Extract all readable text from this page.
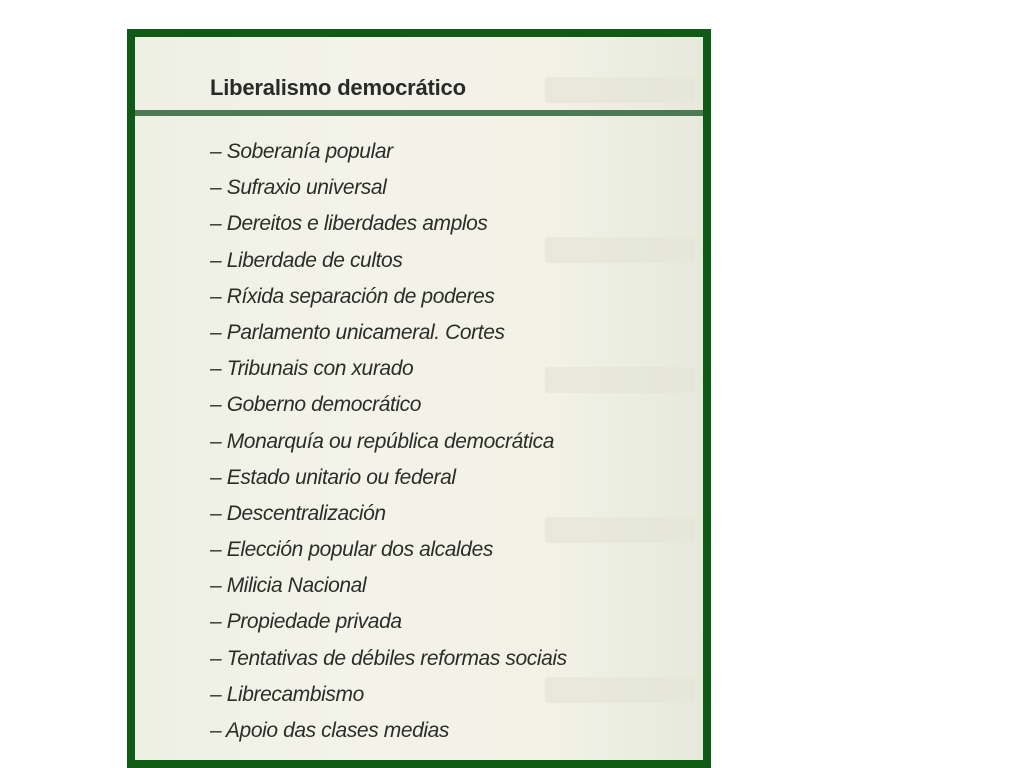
Liberalismo democrático
– Soberanía popular
– Sufraxio universal
– Dereitos e liberdades amplos
– Liberdade de cultos
– Ríxida separación de poderes
– Parlamento unicameral. Cortes
– Tribunais con xurado
– Goberno democrático
– Monarquía ou república democrática
– Estado unitario ou federal
– Descentralización
– Elección popular dos alcaldes
– Milicia Nacional
– Propiedade privada
– Tentativas de débiles reformas sociais
– Librecambismo
– Apoio das clases medias
